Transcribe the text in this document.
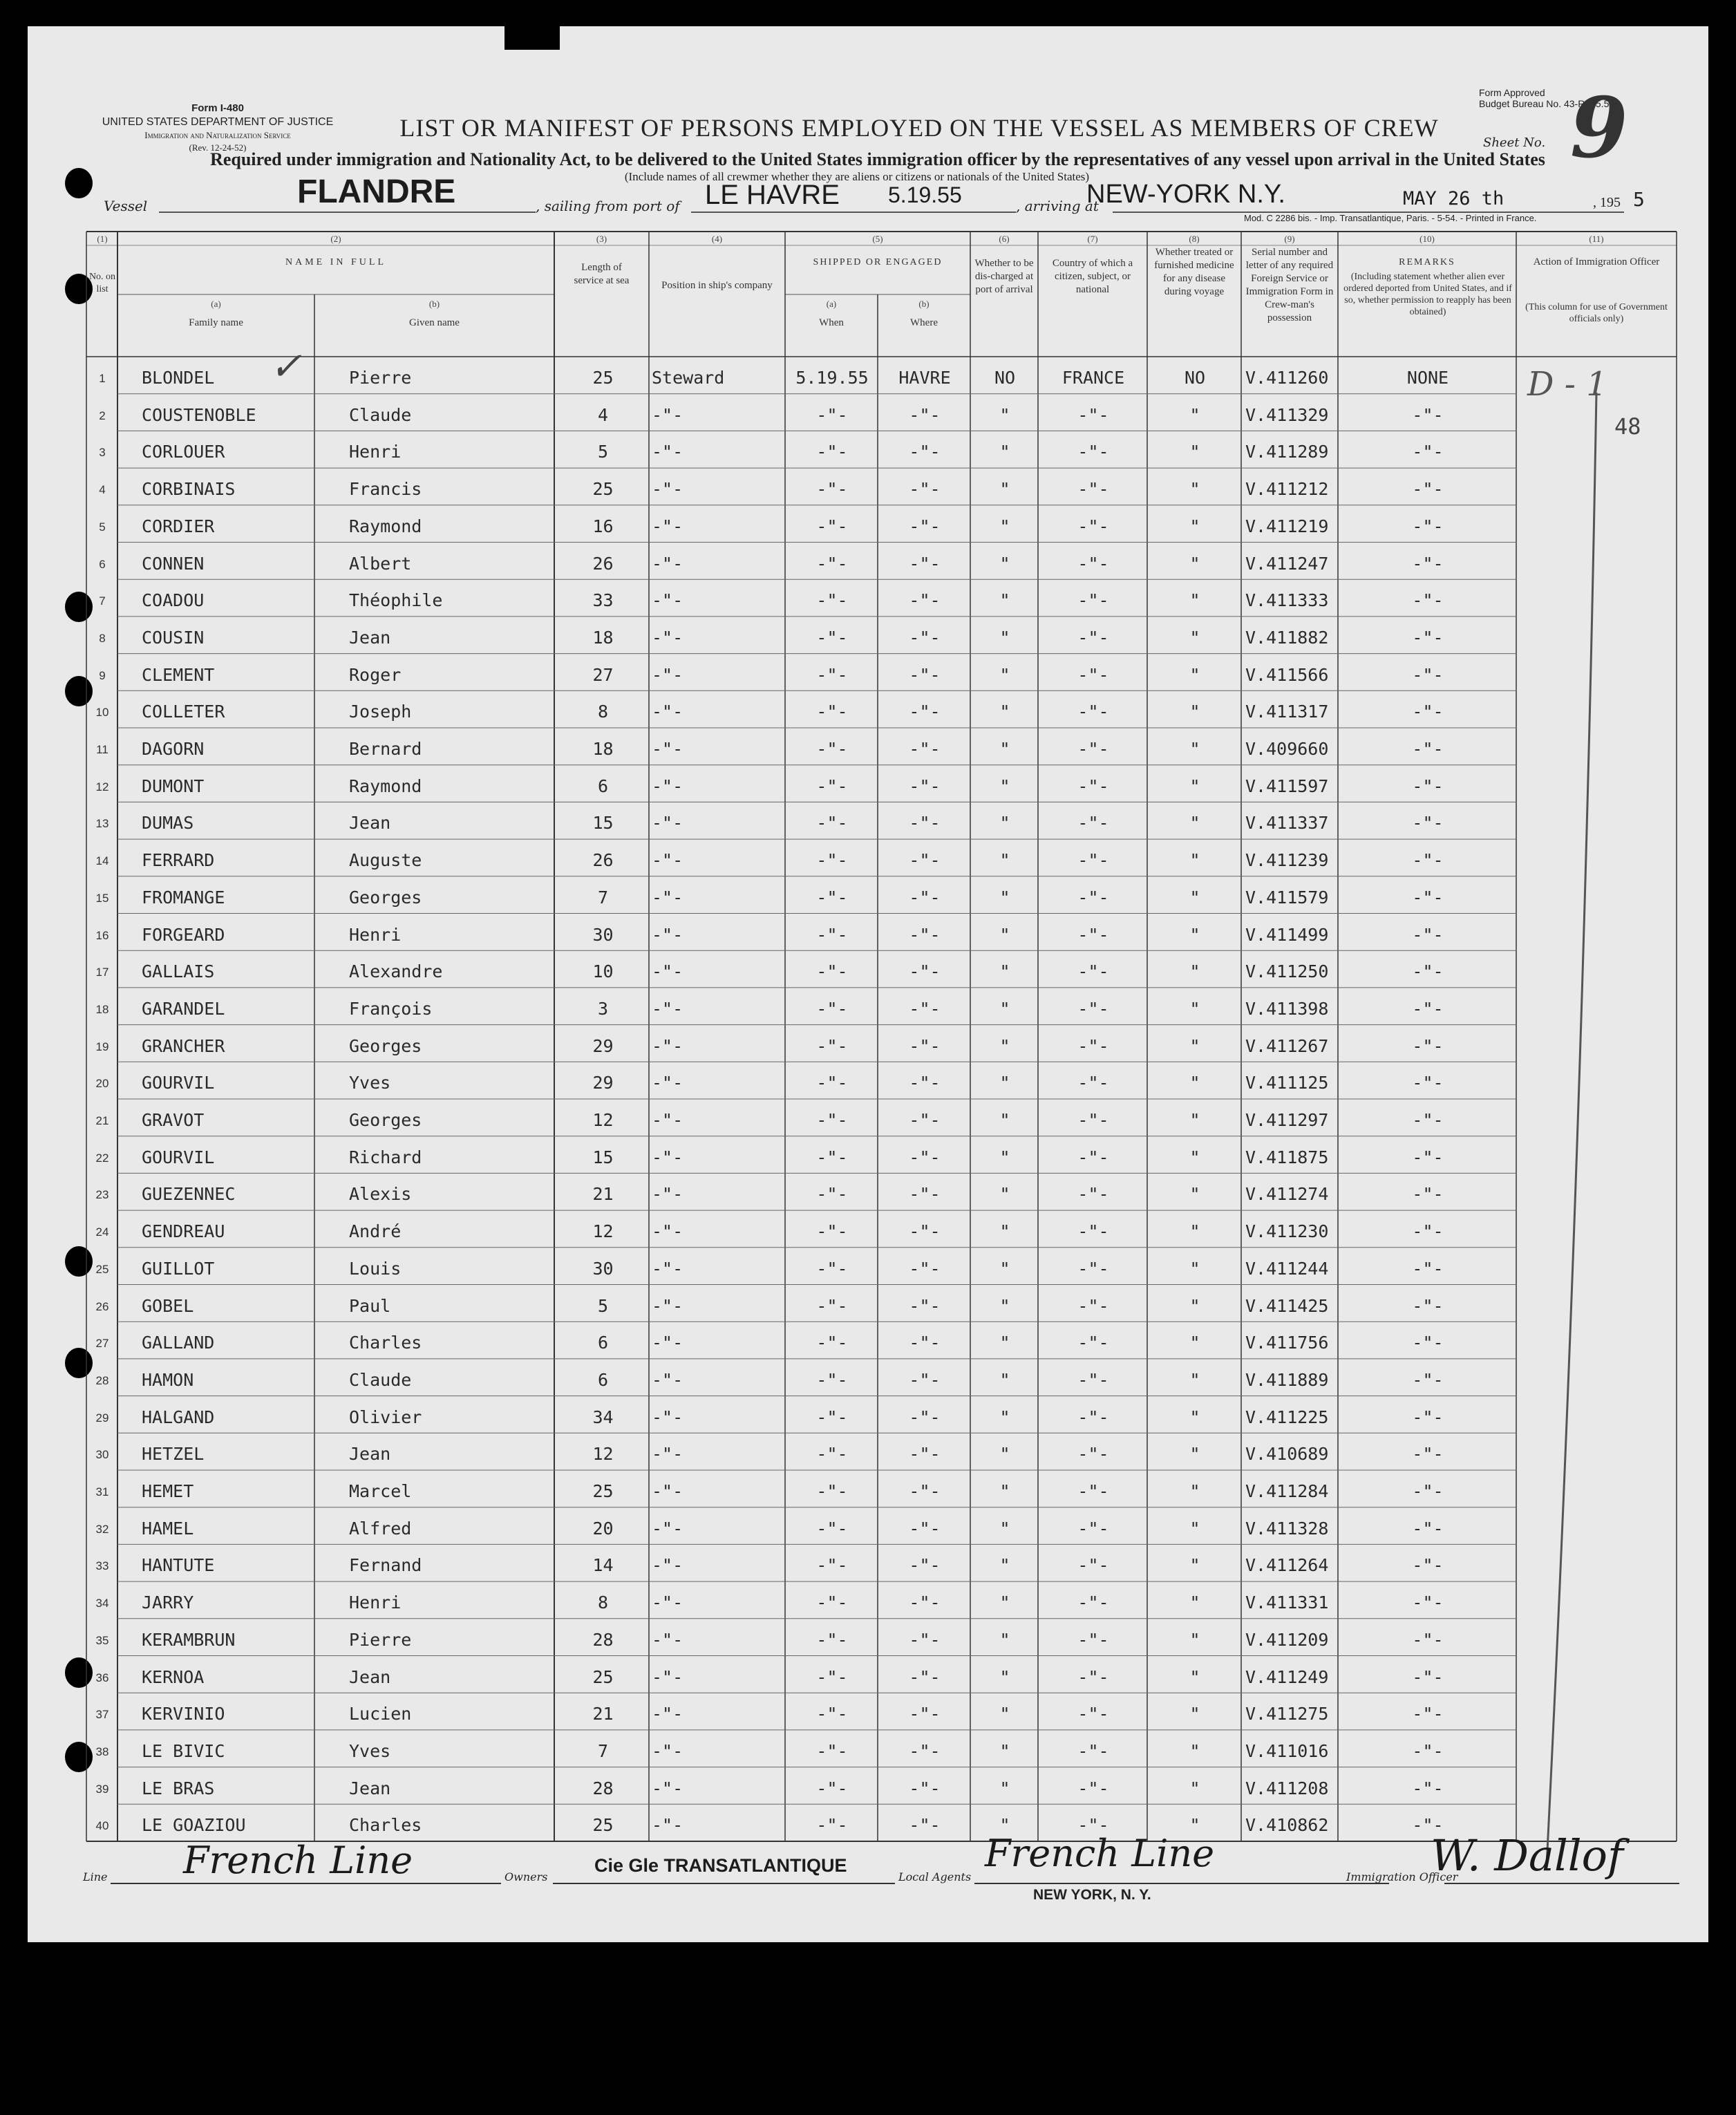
Form I-480
UNITED STATES DEPARTMENT OF JUSTICE
Immigration and Naturalization Service
(Rev. 12-24-52)
Form Approved
Budget Bureau No. 43-R065.5
Sheet No. 9
LIST OR MANIFEST OF PERSONS EMPLOYED ON THE VESSEL AS MEMBERS OF CREW
Required under immigration and Nationality Act, to be delivered to the United States immigration officer by the representatives of any vessel upon arrival in the United States
(Include names of all crewmer whether they are aliens or citizens or nationals of the United States)
Vessel	FLANDRE	, sailing from port of LE HAVRE 5.19.55	, arriving at
NEW-YORK N.Y.	MAY 26 th	, 195 5
Mod. C 2286 bis. - Imp. Transatlantique, Paris. - 5-54. - Printed in France.
(1)
No. on list
(2)
NAME IN FULL
(a)
Family name
(b)
Given name
(3)
Length of service at sea
(4)
Position in ship's company
(5)
SHIPPED OR ENGAGED
(a)
When
(b)
Where
(6)
Whether to be dis-charged at port of arrival
(7)
Country of which a citizen, subject, or national
(8)
Whether treated or furnished medicine for any disease during voyage
(9)
Serial number and letter of any required Foreign Service or Immigration Form in Crew-man's possession
(10)
REMARKS
(Including statement whether alien ever ordered deported from United States, and if so, whether permission to reapply has been obtained)
(11)
Action of Immigration Officer
(This column for use of Government officials only)
1	BLONDEL	Pierre	25	Steward	5.19.55	HAVRE	NO	FRANCE	NO	V.411260	NONE
2	COUSTENOBLE	Claude	4	-"-	-"-	-"-	"	-"-	"	V.411329	-"-
3	CORLOUER	Henri	5	-"-	-"-	-"-	"	-"-	"	V.411289	-"-
4	CORBINAIS	Francis	25	-"-	-"-	-"-	"	-"-	"	V.411212	-"-
5	CORDIER	Raymond	16	-"-	-"-	-"-	"	-"-	"	V.411219	-"-
6	CONNEN	Albert	26	-"-	-"-	-"-	"	-"-	"	V.411247	-"-
7	COADOU	Théophile	33	-"-	-"-	-"-	"	-"-	"	V.411333	-"-
8	COUSIN	Jean	18	-"-	-"-	-"-	"	-"-	"	V.411882	-"-
9	CLEMENT	Roger	27	-"-	-"-	-"-	"	-"-	"	V.411566	-"-
10	COLLETER	Joseph	8	-"-	-"-	-"-	"	-"-	"	V.411317	-"-
11	DAGORN	Bernard	18	-"-	-"-	-"-	"	-"-	"	V.409660	-"-
12	DUMONT	Raymond	6	-"-	-"-	-"-	"	-"-	"	V.411597	-"-
13	DUMAS	Jean	15	-"-	-"-	-"-	"	-"-	"	V.411337	-"-
14	FERRARD	Auguste	26	-"-	-"-	-"-	"	-"-	"	V.411239	-"-
15	FROMANGE	Georges	7	-"-	-"-	-"-	"	-"-	"	V.411579	-"-
16	FORGEARD	Henri	30	-"-	-"-	-"-	"	-"-	"	V.411499	-"-
17	GALLAIS	Alexandre	10	-"-	-"-	-"-	"	-"-	"	V.411250	-"-
18	GARANDEL	François	3	-"-	-"-	-"-	"	-"-	"	V.411398	-"-
19	GRANCHER	Georges	29	-"-	-"-	-"-	"	-"-	"	V.411267	-"-
20	GOURVIL	Yves	29	-"-	-"-	-"-	"	-"-	"	V.411125	-"-
21	GRAVOT	Georges	12	-"-	-"-	-"-	"	-"-	"	V.411297	-"-
22	GOURVIL	Richard	15	-"-	-"-	-"-	"	-"-	"	V.411875	-"-
23	GUEZENNEC	Alexis	21	-"-	-"-	-"-	"	-"-	"	V.411274	-"-
24	GENDREAU	André	12	-"-	-"-	-"-	"	-"-	"	V.411230	-"-
25	GUILLOT	Louis	30	-"-	-"-	-"-	"	-"-	"	V.411244	-"-
26	GOBEL	Paul	5	-"-	-"-	-"-	"	-"-	"	V.411425	-"-
27	GALLAND	Charles	6	-"-	-"-	-"-	"	-"-	"	V.411756	-"-
28	HAMON	Claude	6	-"-	-"-	-"-	"	-"-	"	V.411889	-"-
29	HALGAND	Olivier	34	-"-	-"-	-"-	"	-"-	"	V.411225	-"-
30	HETZEL	Jean	12	-"-	-"-	-"-	"	-"-	"	V.410689	-"-
31	HEMET	Marcel	25	-"-	-"-	-"-	"	-"-	"	V.411284	-"-
32	HAMEL	Alfred	20	-"-	-"-	-"-	"	-"-	"	V.411328	-"-
33	HANTUTE	Fernand	14	-"-	-"-	-"-	"	-"-	"	V.411264	-"-
34	JARRY	Henri	8	-"-	-"-	-"-	"	-"-	"	V.411331	-"-
35	KERAMBRUN	Pierre	28	-"-	-"-	-"-	"	-"-	"	V.411209	-"-
36	KERNOA	Jean	25	-"-	-"-	-"-	"	-"-	"	V.411249	-"-
37	KERVINIO	Lucien	21	-"-	-"-	-"-	"	-"-	"	V.411275	-"-
38	LE BIVIC	Yves	7	-"-	-"-	-"-	"	-"-	"	V.411016	-"-
39	LE BRAS	Jean	28	-"-	-"-	-"-	"	-"-	"	V.411208	-"-
40	LE GOAZIOU	Charles	25	-"-	-"-	-"-	"	-"-	"	V.410862	-"-
D - 1
48
✓
Line French Line	Owners
Cie Gle TRANSATLANTIQUE
Local Agents
French Line
NEW YORK, N. Y.
Immigration Officer
W. Dallof
